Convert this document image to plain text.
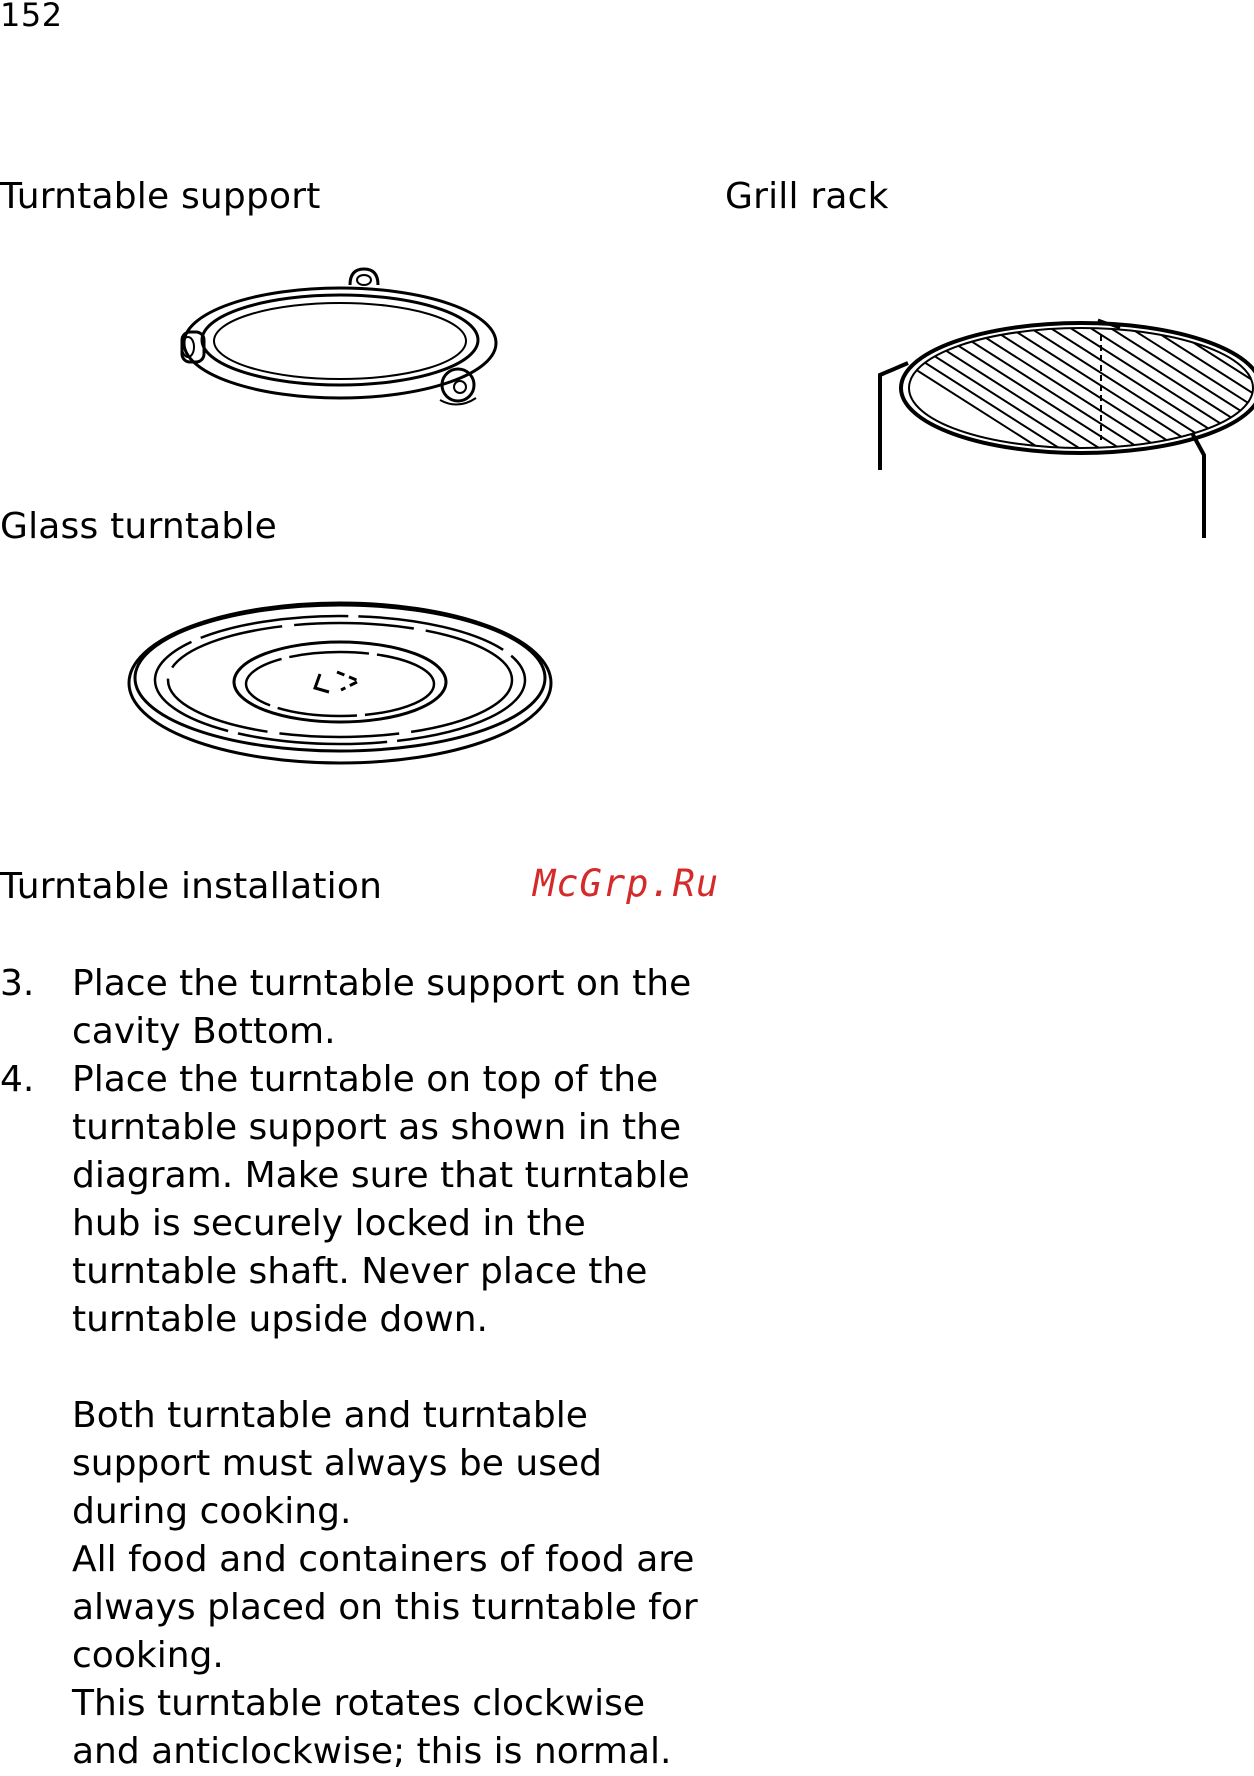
152
Turntable support	Grill rack
Glass turntable
Turntable installation	McGrp.Ru
3. Place the turntable support on the cavity Bottom.
4. Place the turntable on top of the turntable support as shown in the diagram. Make sure that turntable hub is securely locked in the turntable shaft. Never place the turntable upside down.
Both turntable and turntable support must always be used during cooking.
All food and containers of food are always placed on this turntable for cooking.
This turntable rotates clockwise and anticlockwise; this is normal.
